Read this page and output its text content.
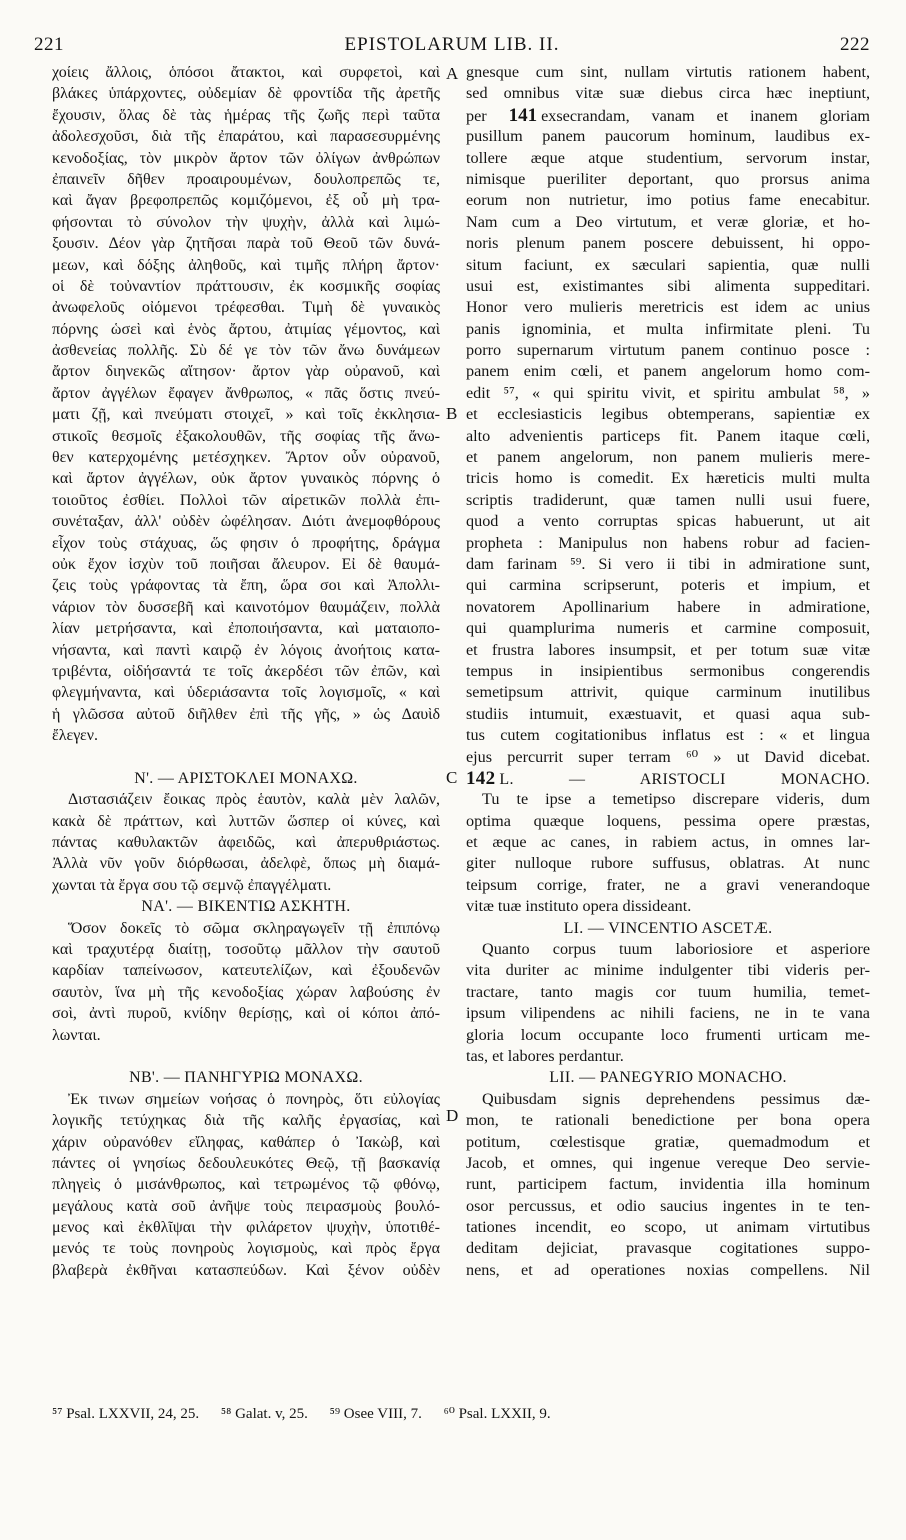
221	EPISTOLARUM LIB. II.	222
χοίεις ἄλλοις, ὁπόσοι ἄτακτοι, καὶ συρφετοὶ, καὶ
βλάκες ὑπάρχοντες, οὐδεμίαν δὲ φροντίδα τῆς ἀρετῆς
ἔχουσιν, ὅλας δὲ τὰς ἡμέρας τῆς ζωῆς περὶ ταῦτα
ἀδολεσχοῦσι, διὰ τῆς ἐπαράτου, καὶ παρασεσυρμένης
κενοδοξίας, τὸν μικρὸν ἄρτον τῶν ὀλίγων ἀνθρώπων
ἐπαινεῖν δῆθεν προαιρουμένων, δουλοπρεπῶς τε,
καὶ ἄγαν βρεφοπρεπῶς κομιζόμενοι, ἐξ οὗ μὴ τρα-
φήσονται τὸ σύνολον τὴν ψυχὴν, ἀλλὰ καὶ λιμώ-
ξουσιν. Δέον γὰρ ζητῆσαι παρὰ τοῦ Θεοῦ τῶν δυνά-
μεων, καὶ δόξης ἀληθοῦς, καὶ τιμῆς πλήρη ἄρτον·
οἱ δὲ τοὐναντίον πράττουσιν, ἐκ κοσμικῆς σοφίας
ἀνωφελοῦς οἰόμενοι τρέφεσθαι. Τιμὴ δὲ γυναικὸς
πόρνης ὡσεὶ καὶ ἑνὸς ἄρτου, ἀτιμίας γέμοντος, καὶ
ἀσθενείας πολλῆς. Σὺ δέ γε τὸν τῶν ἄνω δυνάμεων
ἄρτον διηνεκῶς αἴτησον· ἄρτον γὰρ οὐρανοῦ, καὶ
ἄρτον ἀγγέλων ἔφαγεν ἄνθρωπος, « πᾶς ὅστις πνεύ-
ματι ζῇ, καὶ πνεύματι στοιχεῖ, » καὶ τοῖς ἐκκλησια-
στικοῖς θεσμοῖς ἐξακολουθῶν, τῆς σοφίας τῆς ἄνω-
θεν κατερχομένης μετέσχηκεν. Ἄρτον οὖν οὐρανοῦ,
καὶ ἄρτον ἀγγέλων, οὐκ ἄρτον γυναικὸς πόρνης ὁ
τοιοῦτος ἐσθίει. Πολλοὶ τῶν αἱρετικῶν πολλὰ ἐπι-
συνέταξαν, ἀλλ' οὐδὲν ὠφέλησαν. Διότι ἀνεμοφθόρους
εἶχον τοὺς στάχυας, ὥς φησιν ὁ προφήτης, δράγμα
οὐκ ἔχον ἰσχὺν τοῦ ποιῆσαι ἄλευρον. Εἰ δὲ θαυμά-
ζεις τοὺς γράφοντας τὰ ἔπη, ὥρα σοι καὶ Ἀπολλι-
νάριον τὸν δυσσεβῆ καὶ καινοτόμον θαυμάζειν, πολλὰ
λίαν μετρήσαντα, καὶ ἐποποιήσαντα, καὶ ματαιοπο-
νήσαντα, καὶ παντὶ καιρῷ ἐν λόγοις ἀνοήτοις κατα-
τριβέντα, οἰδήσαντά τε τοῖς ἀκερδέσι τῶν ἐπῶν, καὶ
φλεγμήναντα, καὶ ὑδεριάσαντα τοῖς λογισμοῖς, « καὶ
ἡ γλῶσσα αὐτοῦ διῆλθεν ἐπὶ τῆς γῆς, » ὡς Δαυὶδ
ἔλεγεν.
Ν'. — ΑΡΙΣΤΟΚΛΕΙ ΜΟΝΑΧΩ.
Διστασιάζειν ἔοικας πρὸς ἑαυτὸν, καλὰ μὲν λαλῶν,
κακὰ δὲ πράττων, καὶ λυττῶν ὥσπερ οἱ κύνες, καὶ
πάντας καθυλακτῶν ἀφειδῶς, καὶ ἀπερυθριάστως.
Ἀλλὰ νῦν γοῦν διόρθωσαι, ἀδελφὲ, ὅπως μὴ διαμά-
χωνται τὰ ἔργα σου τῷ σεμνῷ ἐπαγγέλματι.
ΝΑ'. — ΒΙΚΕΝΤΙΩ ΑΣΚΗΤΗ.
Ὅσον δοκεῖς τὸ σῶμα σκληραγωγεῖν τῇ ἐπιπόνῳ
καὶ τραχυτέρᾳ διαίτῃ, τοσοῦτῳ μᾶλλον τὴν σαυτοῦ
καρδίαν ταπείνωσον, κατευτελίζων, καὶ ἐξουδενῶν
σαυτὸν, ἵνα μὴ τῆς κενοδοξίας χώραν λαβούσης ἐν
σοὶ, ἀντὶ πυροῦ, κνίδην θερίσῃς, καὶ οἱ κόποι ἀπό-
λωνται.
ΝΒ'. — ΠΑΝΗΓΥΡΙΩ ΜΟΝΑΧΩ.
Ἐκ τινων σημείων νοήσας ὁ πονηρὸς, ὅτι εὐλογίας
λογικῆς τετύχηκας διὰ τῆς καλῆς ἐργασίας, καὶ
χάριν οὐρανόθεν εἴληφας, καθάπερ ὁ Ἰακὼβ, καὶ
πάντες οἱ γνησίως δεδουλευκότες Θεῷ, τῇ βασκανίᾳ
πληγεὶς ὁ μισάνθρωπος, καὶ τετρωμένος τῷ φθόνῳ,
μεγάλους κατὰ σοῦ ἀνῆψε τοὺς πειρασμοὺς βουλό-
μενος καὶ ἐκθλῖψαι τὴν φιλάρετον ψυχὴν, ὑποτιθέ-
μενός τε τοὺς πονηροὺς λογισμοὺς, καὶ πρὸς ἔργα
βλαβερὰ ἐκθῆναι κατασπεύδων. Καὶ ξένον οὐδὲν
gnesque cum sint, nullam virtutis rationem habent,
sed omnibus vitæ suæ diebus circa hæc ineptiunt,
per 141 exsecrandam, vanam et inanem gloriam
pusillum panem paucorum hominum, laudibus ex-
tollere æque atque studentium, servorum instar,
nimisque pueriliter deportant, quo prorsus anima
eorum non nutrietur, imo potius fame enecabitur.
Nam cum a Deo virtutum, et veræ gloriæ, et ho-
noris plenum panem poscere debuissent, hi oppo-
situm faciunt, ex sæculari sapientia, quæ nulli
usui est, existimantes sibi alimenta suppeditari.
Honor vero mulieris meretricis est idem ac unius
panis ignominia, et multa infirmitate pleni. Tu
porro supernarum virtutum panem continuo posce :
panem enim cœli, et panem angelorum homo com-
edit ⁵⁷, « qui spiritu vivit, et spiritu ambulat ⁵⁸, »
et ecclesiasticis legibus obtemperans, sapientiæ ex
alto advenientis particeps fit. Panem itaque cœli,
et panem angelorum, non panem mulieris mere-
tricis homo is comedit. Ex hæreticis multi multa
scriptis tradiderunt, quæ tamen nulli usui fuere,
quod a vento corruptas spicas habuerunt, ut ait
propheta : Manipulus non habens robur ad facien-
dam farinam ⁵⁹. Si vero ii tibi in admiratione sunt,
qui carmina scripserunt, poteris et impium, et
novatorem Apollinarium habere in admiratione,
qui quamplurima numeris et carmine composuit,
et frustra labores insumpsit, et per totum suæ vitæ
tempus in insipientibus sermonibus congerendis
semetipsum attrivit, quique carminum inutilibus
studiis intumuit, exæstuavit, et quasi aqua sub-
tus cutem cogitationibus inflatus est : « et lingua
ejus percurrit super terram ⁶⁰ » ut David dicebat.
142 L. — ARISTOCLI MONACHO.
Tu te ipse a temetipso discrepare videris, dum
optima quæque loquens, pessima opere præstas,
et æque ac canes, in rabiem actus, in omnes lar-
giter nulloque rubore suffusus, oblatras. At nunc
teipsum corrige, frater, ne a gravi venerandoque
vitæ tuæ instituto opera dissideant.
LI. — VINCENTIO ASCETÆ.
Quanto corpus tuum laboriosiore et asperiore
vita duriter ac minime indulgenter tibi videris per-
tractare, tanto magis cor tuum humilia, temet-
ipsum vilipendens ac nihili faciens, ne in te vana
gloria locum occupante loco frumenti urticam me-
tas, et labores perdantur.
LII. — PANEGYRIO MONACHO.
Quibusdam signis deprehendens pessimus dæ-
mon, te rationali benedictione per bona opera
potitum, cœlestisque gratiæ, quemadmodum et
Jacob, et omnes, qui ingenue vereque Deo servie-
runt, participem factum, invidentia illa hominum
osor percussus, et odio saucius ingentes in te ten-
tationes incendit, eo scopo, ut animam virtutibus
deditam dejiciat, pravasque cogitationes suppo-
nens, et ad operationes noxias compellens. Nil
A
B
C
D
⁵⁷ Psal. LXXVII, 24, 25. ⁵⁸ Galat. v, 25. ⁵⁹ Osee VIII, 7. ⁶⁰ Psal. LXXII, 9.
